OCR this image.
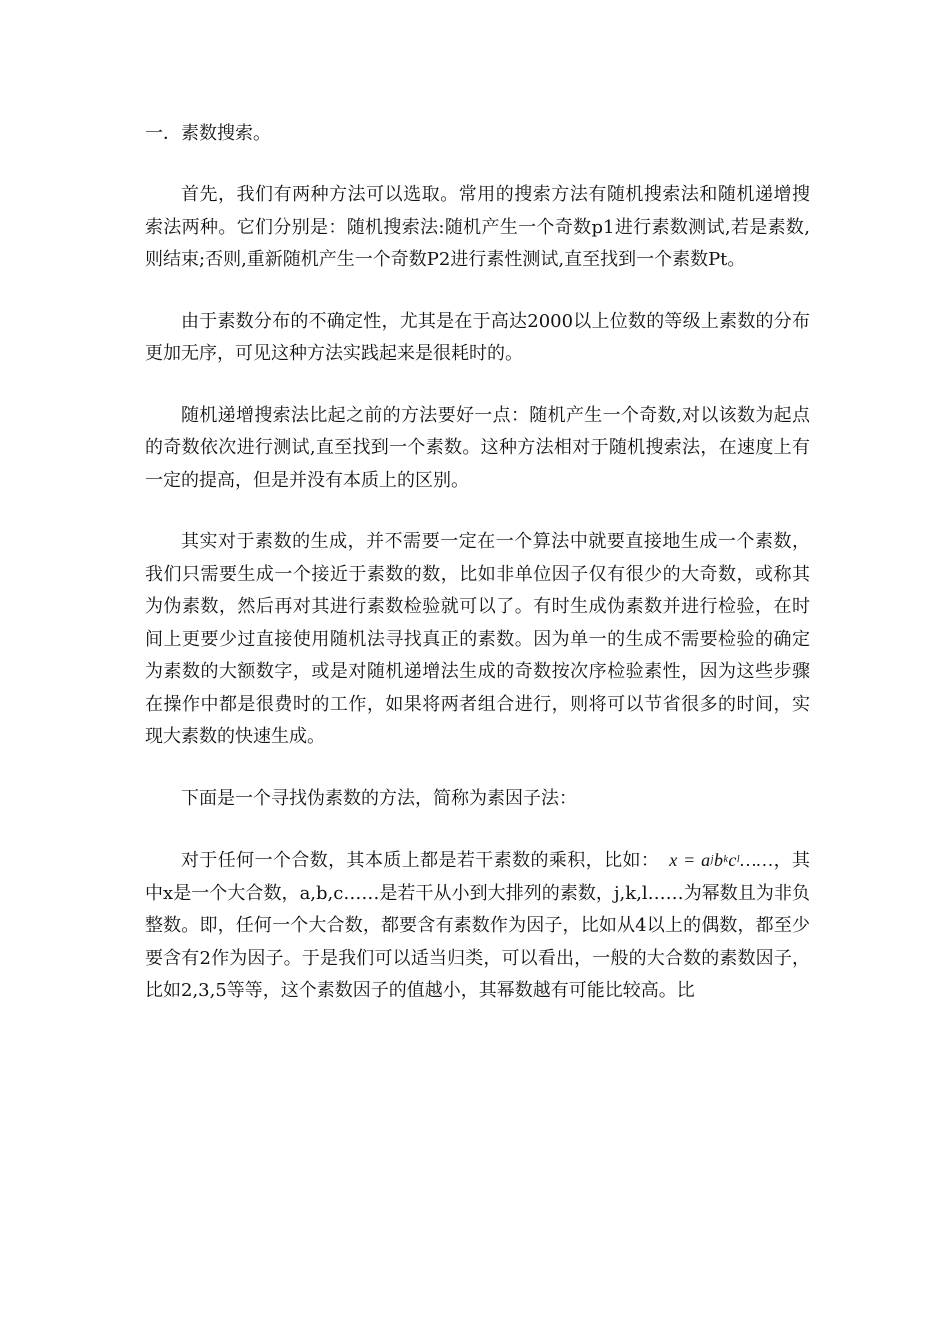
一．素数搜索。

首先，我们有两种方法可以选取。常用的搜索方法有随机搜索法和随机递增搜索法两种。它们分别是：随机搜索法:随机产生一个奇数p1进行素数测试,若是素数,则结束;否则,重新随机产生一个奇数P2进行素性测试,直至找到一个素数Pt。

由于素数分布的不确定性，尤其是在于高达2000以上位数的等级上素数的分布更加无序，可见这种方法实践起来是很耗时的。

随机递增搜索法比起之前的方法要好一点：随机产生一个奇数,对以该数为起点的奇数依次进行测试,直至找到一个素数。这种方法相对于随机搜索法，在速度上有一定的提高，但是并没有本质上的区别。

其实对于素数的生成，并不需要一定在一个算法中就要直接地生成一个素数，我们只需要生成一个接近于素数的数，比如非单位因子仅有很少的大奇数，或称其为伪素数，然后再对其进行素数检验就可以了。有时生成伪素数并进行检验，在时间上更要少过直接使用随机法寻找真正的素数。因为单一的生成不需要检验的确定为素数的大额数字，或是对随机递增法生成的奇数按次序检验素性，因为这些步骤在操作中都是很费时的工作，如果将两者组合进行，则将可以节省很多的时间，实现大素数的快速生成。

下面是一个寻找伪素数的方法，简称为素因子法：

对于任何一个合数，其本质上都是若干素数的乘积，比如： $x = a^jb^kc^l\dots\dots$，其中x是一个大合数，a,b,c……是若干从小到大排列的素数，j,k,l……为幂数且为非负整数。即，任何一个大合数，都要含有素数作为因子，比如从4以上的偶数，都至少要含有2作为因子。于是我们可以适当归类，可以看出，一般的大合数的素数因子，比如2,3,5等等，这个素数因子的值越小，其幂数越有可能比较高。比
